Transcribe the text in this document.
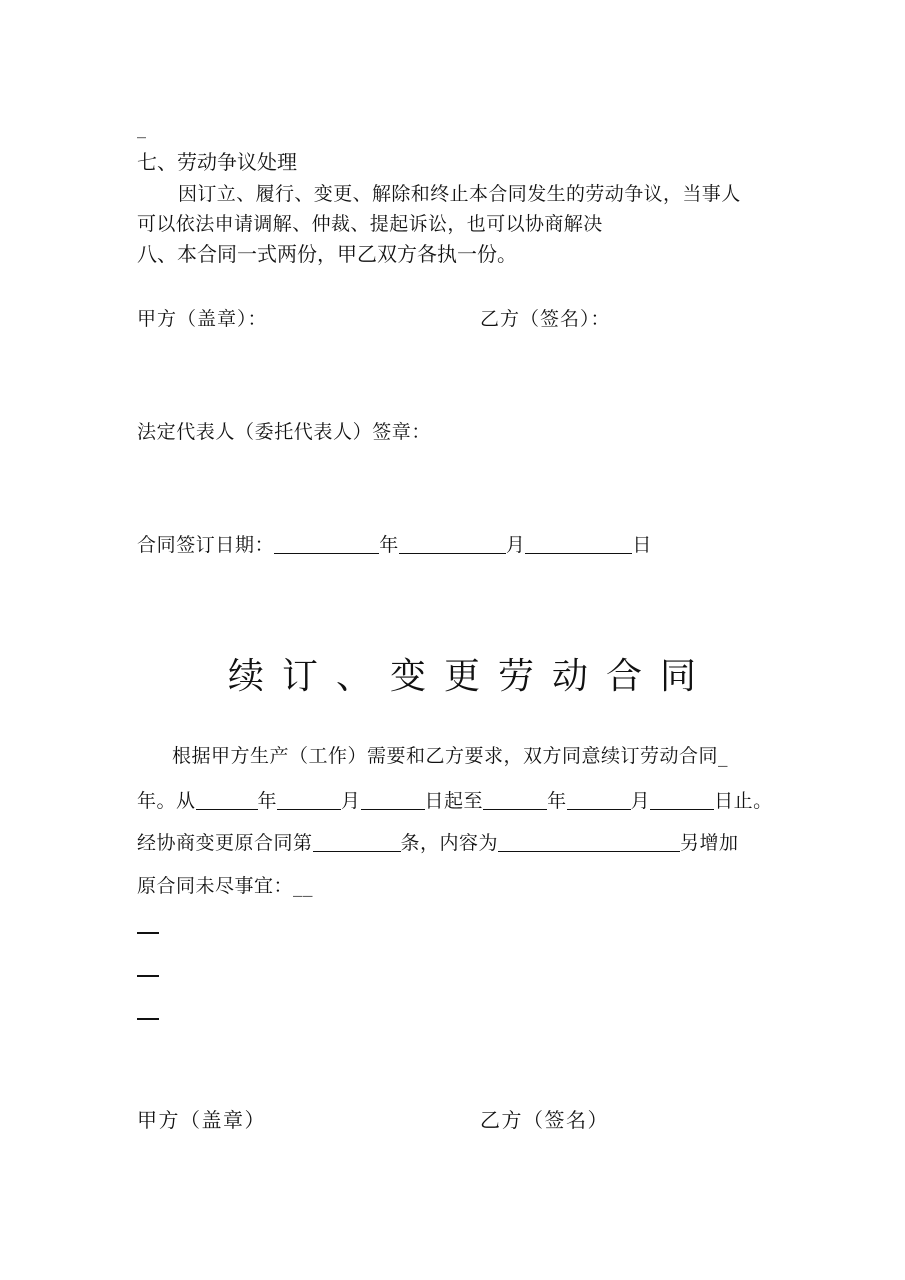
_
七、劳动争议处理
因订立、履行、变更、解除和终止本合同发生的劳动争议，当事人
可以依法申请调解、仲裁、提起诉讼，也可以协商解决
八、本合同一式两份，甲乙双方各执一份。
甲方（盖章）：	乙方（签名）：
法定代表人（委托代表人）签章：
合同签订日期：	年	月	日
续订、变更劳动合同
根据甲方生产（工作）需要和乙方要求，双方同意续订劳动合同_
年。从	年	月	日起至	年	月	日止。
经协商变更原合同第	条，内容为	另增加
原合同未尽事宜：__
甲方（盖章）	乙方（签名）
